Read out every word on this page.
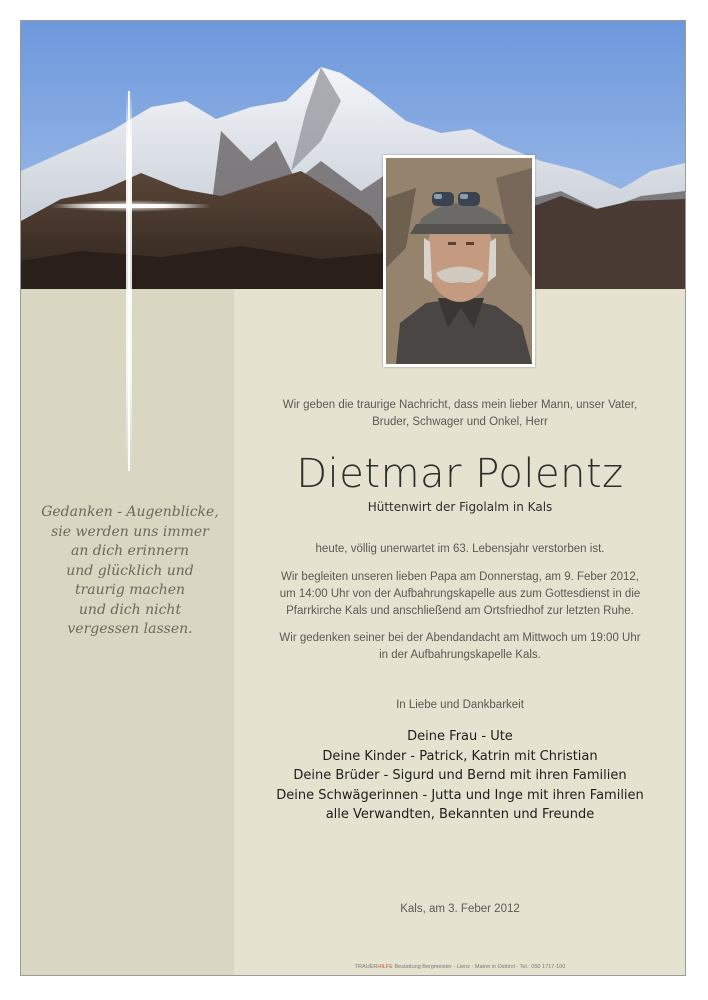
Gedanken - Augenblicke,
sie werden uns immer
an dich erinnern
und glücklich und
traurig machen
und dich nicht
vergessen lassen.
Wir geben die traurige Nachricht, dass mein lieber Mann, unser Vater,
Bruder, Schwager und Onkel, Herr
Dietmar Polentz
Hüttenwirt der Figolalm in Kals
heute, völlig unerwartet im 63. Lebensjahr verstorben ist.
Wir begleiten unseren lieben Papa am Donnerstag, am 9. Feber 2012,
um 14:00 Uhr von der Aufbahrungskapelle aus zum Gottesdienst in die
Pfarrkirche Kals und anschließend am Ortsfriedhof zur letzten Ruhe.
Wir gedenken seiner bei der Abendandacht am Mittwoch um 19:00 Uhr
in der Aufbahrungskapelle Kals.
In Liebe und Dankbarkeit
Deine Frau - Ute
Deine Kinder - Patrick, Katrin mit Christian
Deine Brüder - Sigurd und Bernd mit ihren Familien
Deine Schwägerinnen - Jutta und Inge mit ihren Familien
alle Verwandten, Bekannten und Freunde
Kals, am 3. Feber 2012
TRAUERHILFE Bestattung Bergmeister - Lienz - Matrei in Osttirol - Tel.: 050 1717-100
